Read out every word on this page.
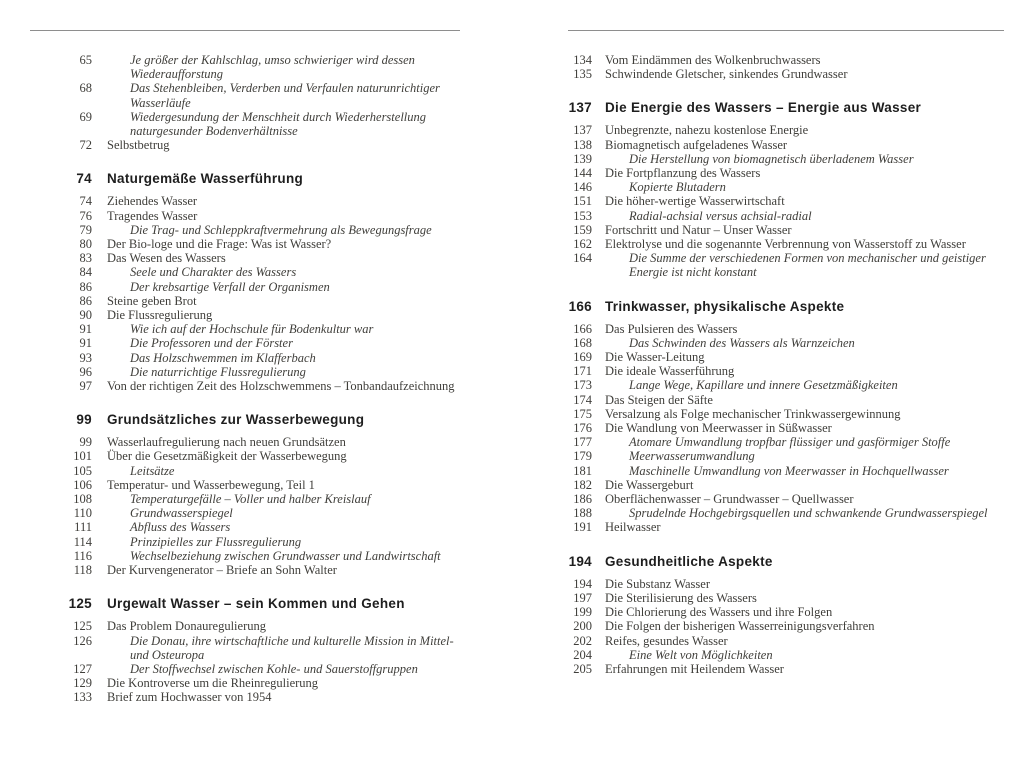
65	Je größer der Kahlschlag, umso schwieriger wird dessen Wiederaufforstung
68	Das Stehenbleiben, Verderben und Verfaulen naturunrichtiger Wasserläufe
69	Wiedergesundung der Menschheit durch Wiederherstellung naturgesunder Bodenverhältnisse
72	Selbstbetrug
74	Naturgemäße Wasserführung
74	Ziehendes Wasser
76	Tragendes Wasser
79	Die Trag- und Schleppkraftvermehrung als Bewegungsfrage
80	Der Bio-loge und die Frage: Was ist Wasser?
83	Das Wesen des Wassers
84	Seele und Charakter des Wassers
86	Der krebsartige Verfall der Organismen
86	Steine geben Brot
90	Die Flussregulierung
91	Wie ich auf der Hochschule für Bodenkultur war
91	Die Professoren und der Förster
93	Das Holzschwemmen im Klafferbach
96	Die naturrichtige Flussregulierung
97	Von der richtigen Zeit des Holzschwemmens – Tonbandaufzeichnung
99	Grundsätzliches zur Wasserbewegung
99	Wasserlaufregulierung nach neuen Grundsätzen
101	Über die Gesetzmäßigkeit der Wasserbewegung
105	Leitsätze
106	Temperatur- und Wasserbewegung, Teil 1
108	Temperaturgefälle – Voller und halber Kreislauf
110	Grundwasserspiegel
111	Abfluss des Wassers
114	Prinzipielles zur Flussregulierung
116	Wechselbeziehung zwischen Grundwasser und Landwirtschaft
118	Der Kurvengenerator – Briefe an Sohn Walter
125	Urgewalt Wasser – sein Kommen und Gehen
125	Das Problem Donauregulierung
126	Die Donau, ihre wirtschaftliche und kulturelle Mission in Mittel- und Osteuropa
127	Der Stoffwechsel zwischen Kohle- und Sauerstoffgruppen
129	Die Kontroverse um die Rheinregulierung
133	Brief zum Hochwasser von 1954
134	Vom Eindämmen des Wolkenbruchwassers
135	Schwindende Gletscher, sinkendes Grundwasser
137 Die Energie des Wassers – Energie aus Wasser
137	Unbegrenzte, nahezu kostenlose Energie
138	Biomagnetisch aufgeladenes Wasser
139	Die Herstellung von biomagnetisch überladenem Wasser
144	Die Fortpflanzung des Wassers
146	Kopierte Blutadern
151	Die höher-wertige Wasserwirtschaft
153	Radial-achsial versus achsial-radial
159	Fortschritt und Natur – Unser Wasser
162	Elektrolyse und die sogenannte Verbrennung von Wasserstoff zu Wasser
164	Die Summe der verschiedenen Formen von mechanischer und geistiger Energie ist nicht konstant
166 Trinkwasser, physikalische Aspekte
166	Das Pulsieren des Wassers
168	Das Schwinden des Wassers als Warnzeichen
169	Die Wasser-Leitung
171	Die ideale Wasserführung
173	Lange Wege, Kapillare und innere Gesetzmäßigkeiten
174	Das Steigen der Säfte
175	Versalzung als Folge mechanischer Trinkwassergewinnung
176	Die Wandlung von Meerwasser in Süßwasser
177	Atomare Umwandlung tropfbar flüssiger und gasförmiger Stoffe
179	Meerwasserumwandlung
181	Maschinelle Umwandlung von Meerwasser in Hochquellwasser
182	Die Wassergeburt
186	Oberflächenwasser – Grundwasser – Quellwasser
188	Sprudelnde Hochgebirgsquellen und schwankende Grundwasserspiegel
191	Heilwasser
194 Gesundheitliche Aspekte
194	Die Substanz Wasser
197	Die Sterilisierung des Wassers
199	Die Chlorierung des Wassers und ihre Folgen
200	Die Folgen der bisherigen Wasserreinigungsverfahren
202	Reifes, gesundes Wasser
204	Eine Welt von Möglichkeiten
205	Erfahrungen mit Heilendem Wasser
